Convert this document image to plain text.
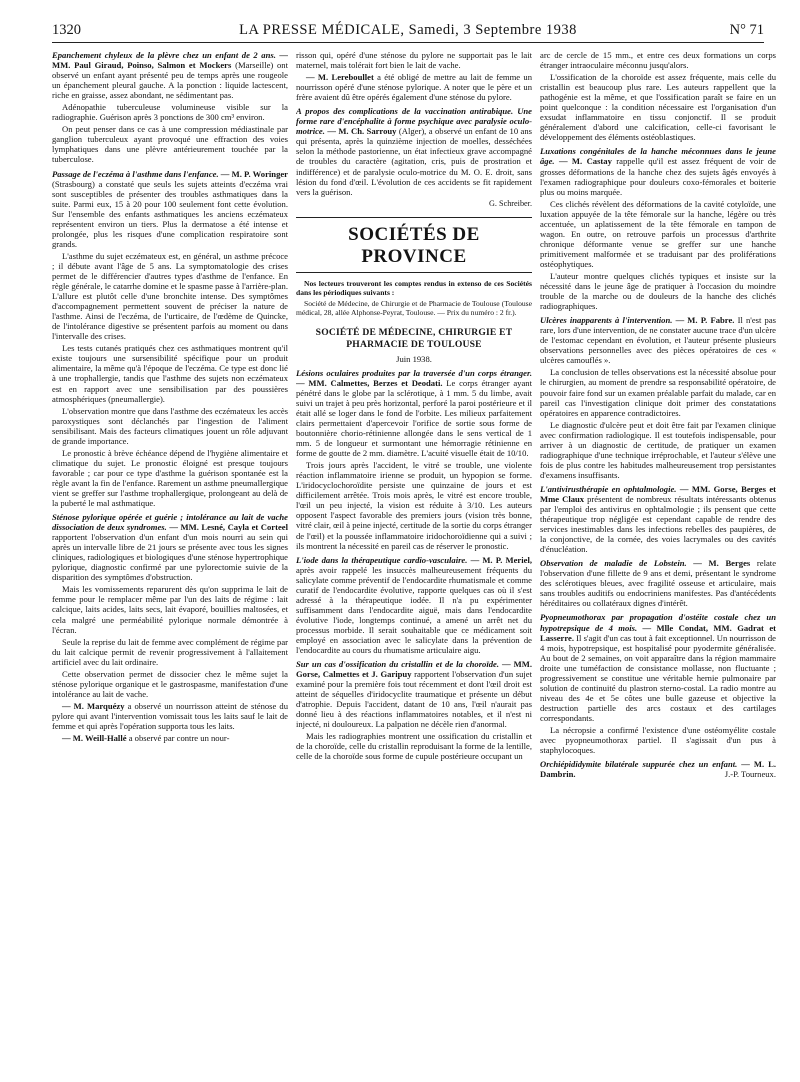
1320	LA PRESSE MÉDICALE, Samedi, 3 Septembre 1938	N° 71

Epanchement chyleux de la plèvre chez un enfant de 2 ans. — MM. Paul Giraud, Poinso, Salmon et Mockers (Marseille) ont observé un enfant ayant présenté peu de temps après une rougeole un épanchement pleural gauche. A la ponction : liquide lactescent, riche en graisse, assez abondant, ne sédimentant pas.

Adénopathie tuberculeuse volumineuse visible sur la radiographie. Guérison après 3 ponctions de 300 cm³ environ.

On peut penser dans ce cas à une compression médiastinale par ganglion tuberculeux ayant provoqué une effraction des voies lymphatiques dans une plèvre antérieurement touchée par la tuberculose.

Passage de l'eczéma à l'asthme dans l'enfance. — M. P. Woringer (Strasbourg) a constaté que seuls les sujets atteints d'eczéma vrai sont susceptibles de présenter des troubles asthmatiques dans la suite. Parmi eux, 15 à 20 pour 100 seulement font cette évolution. Sur l'ensemble des enfants asthmatiques les anciens eczémateux représentent environ un tiers. Plus la dermatose a été intense et prolongée, plus les risques d'une complication respiratoire sont grands.

L'asthme du sujet eczémateux est, en général, un asthme précoce ; il débute avant l'âge de 5 ans. La symptomatologie des crises permet de le différencier d'autres types d'asthme de l'enfance. En règle générale, le catarrhe domine et le spasme passe à l'arrière-plan. L'allure est plutôt celle d'une bronchite intense. Des symptômes d'accompagnement permettent souvent de préciser la nature de l'asthme. Ainsi de l'eczéma, de l'urticaire, de l'œdème de Quincke, de l'intolérance digestive se présentent parfois au moment ou dans l'intervalle des crises.

Les tests cutanés pratiqués chez ces asthmatiques montrent qu'il existe toujours une sursensibilité spécifique pour un produit alimentaire, la même qu'à l'époque de l'eczéma. Ce type est donc lié à une trophallergie, tandis que l'asthme des sujets non eczémateux est en rapport avec une sensibilisation par des poussières atmosphériques (pneumallergie).

L'observation montre que dans l'asthme des eczémateux les accès paroxystiques sont déclanchés par l'ingestion de l'aliment sensibilisant. Mais des facteurs climatiques jouent un rôle adjuvant de grande importance.

Le pronostic à brève échéance dépend de l'hygiène alimentaire et climatique du sujet. Le pronostic éloigné est presque toujours favorable ; car pour ce type d'asthme la guérison spontanée est la règle avant la fin de l'enfance. Rarement un asthme pneumallergique vient se greffer sur l'asthme trophallergique, prolongeant au delà de la puberté le mal asthmatique.

Sténose pylorique opérée et guérie ; intolérance au lait de vache dissociation de deux syndromes. — MM. Lesné, Cayla et Corteel rapportent l'observation d'un enfant d'un mois nourri au sein qui après un intervalle libre de 21 jours se présente avec tous les signes cliniques, radiologiques et biologiques d'une sténose hypertrophique pylorique, diagnostic confirmé par une pylorectomie suivie de la disparition des symptômes d'obstruction.

Mais les vomissements reparurent dès qu'on supprima le lait de femme pour le remplacer même par l'un des laits de régime : lait calcique, laits acides, laits secs, lait évaporé, bouillies maltosées, et cela malgré une perméabilité pylorique normale démontrée à l'écran.

Seule la reprise du lait de femme avec complément de régime par du lait calcique permit de revenir progressivement à l'allaitement artificiel avec du lait ordinaire.

Cette observation permet de dissocier chez le même sujet la sténose pylorique organique et le gastrospasme, manifestation d'une intolérance au lait de vache.

— M. Marquézy a observé un nourrisson atteint de sténose du pylore qui avant l'intervention vomissait tous les laits sauf le lait de femme et qui après l'opération supporta tous les laits.

— M. Weill-Hallé a observé par contre un nour-

risson qui, opéré d'une sténose du pylore ne supportait pas le lait maternel, mais tolérait fort bien le lait de vache.

— M. Lereboullet a été obligé de mettre au lait de femme un nourrisson opéré d'une sténose pylorique. A noter que le père et un frère avaient dû être opérés également d'une sténose du pylore.

A propos des complications de la vaccination antirabique. Une forme rare d'encéphalite à forme psychique avec paralysie oculo-motrice. — M. Ch. Sarrouy (Alger), a observé un enfant de 10 ans qui présenta, après la quinzième injection de moelles, desséchées selon la méthode pastorienne, un état infectieux grave accompagné de troubles du caractère (agitation, cris, puis de prostration et indifférence) et de paralysie oculo-motrice du M. O. E. droit, sans lésion du fond d'œil. L'évolution de ces accidents se fit rapidement vers la guérison.

G. Schreiber.
SOCIÉTÉS DE PROVINCE

Nos lecteurs trouveront les comptes rendus in extenso de ces Sociétés dans les périodiques suivants :

Société de Médecine, de Chirurgie et de Pharmacie de Toulouse (Toulouse médical, 28, allée Alphonse-Peyrat, Toulouse. — Prix du numéro : 2 fr.).

SOCIÉTÉ DE MÉDECINE, CHIRURGIE ET PHARMACIE DE TOULOUSE
Juin 1938.

Lésions oculaires produites par la traversée d'un corps étranger. — MM. Calmettes, Berzes et Deodati. Le corps étranger ayant pénétré dans le globe par la sclérotique, à 1 mm. 5 du limbe, avait suivi un trajet à peu près horizontal, perforé la paroi postérieure et il était allé se loger dans le fond de l'orbite. Les milieux parfaitement clairs permettaient d'apercevoir l'orifice de sortie sous forme de boutonnière chorio-rétinienne allongée dans le sens vertical de 1 mm. 5 de longueur et surmontant une hémorragie rétinienne en forme de goutte de 2 mm. diamètre. L'acuité visuelle était de 10/10.

Trois jours après l'accident, le vitré se trouble, une violente réaction inflammatoire irienne se produit, un hypopion se forme. L'iridocyclochoroïdite persiste une quinzaine de jours et est difficilement arrêtée. Trois mois après, le vitré est encore trouble, l'œil un peu injecté, la vision est réduite à 3/10. Les auteurs opposent l'aspect favorable des premiers jours (vision très bonne, vitré clair, œil à peine injecté, certitude de la sortie du corps étranger de l'œil) et la poussée inflammatoire iridochoroïdienne qui a suivi ; ils montrent la nécessité en pareil cas de réserver le pronostic.

L'iode dans la thérapeutique cardio-vasculaire. — M. P. Meriel, après avoir rappelé les insuccès malheureusement fréquents du salicylate comme préventif de l'endocardite rhumatismale et comme curatif de l'endocardite évolutive, rapporte quelques cas où il s'est adressé à la thérapeutique iodée. Il n'a pu expérimenter suffisamment dans l'endocardite aiguë, mais dans l'endocardite évolutive l'iode, longtemps continué, a amené un arrêt net du processus morbide. Il serait souhaitable que ce médicament soit employé en association avec le salicylate dans la prévention de l'endocardite au cours du rhumatisme articulaire aigu.

Sur un cas d'ossification du cristallin et de la choroïde. — MM. Gorse, Calmettes et J. Garipuy rapportent l'observation d'un sujet examiné pour la première fois tout récemment et dont l'œil droit est atteint de séquelles d'iridocyclite traumatique et présente un début d'atrophie. Depuis l'accident, datant de 10 ans, l'œil n'aurait pas donné lieu à des réactions inflammatoires notables, et il n'est ni injecté, ni douloureux. La palpation ne décèle rien d'anormal.

Mais les radiographies montrent une ossification du cristallin et de la choroïde, celle du cristallin reproduisant la forme de la lentille, celle de la choroïde sous forme de cupule postérieure occupant un

arc de cercle de 15 mm., et entre ces deux formations un corps étranger intraoculaire méconnu jusqu'alors.

L'ossification de la choroïde est assez fréquente, mais celle du cristallin est beaucoup plus rare. Les auteurs rappellent que la pathogénie est la même, et que l'ossification paraît se faire en un point quelconque : la condition nécessaire est l'organisation d'un exsudat inflammatoire en tissu conjonctif. Il se produit généralement d'abord une calcification, celle-ci favorisant le développement des éléments ostéoblastiques.

Luxations congénitales de la hanche méconnues dans le jeune âge. — M. Castay rappelle qu'il est assez fréquent de voir de grosses déformations de la hanche chez des sujets âgés envoyés à l'examen radiographique pour douleurs coxo-fémorales et boiterie plus ou moins marquée.

Ces clichés révèlent des déformations de la cavité cotyloïde, une luxation appuyée de la tête fémorale sur la hanche, légère ou très accentuée, un aplatissement de la tête fémorale en tampon de wagon. En outre, on retrouve parfois un processus d'arthrite chronique déformante venue se greffer sur une hanche primitivement malformée et se traduisant par des proliférations ostéophytiques.

L'auteur montre quelques clichés typiques et insiste sur la nécessité dans le jeune âge de pratiquer à l'occasion du moindre trouble de la marche ou de douleurs de la hanche des clichés radiographiques.

Ulcères inapparents à l'intervention. — M. P. Fabre. Il n'est pas rare, lors d'une intervention, de ne constater aucune trace d'un ulcère de l'estomac cependant en évolution, et l'auteur présente plusieurs observations personnelles avec des pièces opératoires de ces « ulcères camouflés ».

La conclusion de telles observations est la nécessité absolue pour le chirurgien, au moment de prendre sa responsabilité opératoire, de pouvoir faire fond sur un examen préalable parfait du malade, car en pareil cas l'investigation clinique doit primer des constatations opératoires en apparence contradictoires.

Le diagnostic d'ulcère peut et doit être fait par l'examen clinique avec confirmation radiologique. Il est toutefois indispensable, pour arriver à un diagnostic de certitude, de pratiquer un examen radiographique d'une technique irréprochable, et l'auteur s'élève une fois de plus contre les habitudes malheureusement trop persistantes d'examens insuffisants.

L'antivirusthérapie en ophtalmologie. — MM. Gorse, Berges et Mme Claux présentent de nombreux résultats intéressants obtenus par l'emploi des antivirus en ophtalmologie ; ils pensent que cette thérapeutique trop négligée est cependant capable de rendre des services inestimables dans les infections rebelles des paupières, de la conjonctive, de la cornée, des voies lacrymales ou des cavités d'énucléation.

Observation de maladie de Lobstein. — M. Berges relate l'observation d'une fillette de 9 ans et demi, présentant le syndrome des sclérotiques bleues, avec fragilité osseuse et articulaire, mais sans troubles auditifs ou endocriniens manifestes. Pas d'antécédents héréditaires ou collatéraux dignes d'intérêt.

Pyopneumothorax par propagation d'ostéite costale chez un hypotrepsique de 4 mois. — Mlle Condat, MM. Gadrat et Lasserre. Il s'agit d'un cas tout à fait exceptionnel. Un nourrisson de 4 mois, hypotrepsique, est hospitalisé pour pyodermite généralisée. Au bout de 2 semaines, on voit apparaître dans la région mammaire droite une tuméfaction de consistance mollasse, non fluctuante ; progressivement se constitue une véritable hernie pulmonaire par solution de continuité du plastron sterno-costal. La radio montre au niveau des 4e et 5e côtes une bulle gazeuse et objective la destruction partielle des arcs costaux et des cartilages correspondants.

La nécropsie a confirmé l'existence d'une ostéomyélite costale avec pyopneumothorax partiel. Il s'agissait d'un pus à staphylocoques.

Orchiépididymite bilatérale suppurée chez un enfant. — M. L. Dambrin.	J.-P. Tourneux.
